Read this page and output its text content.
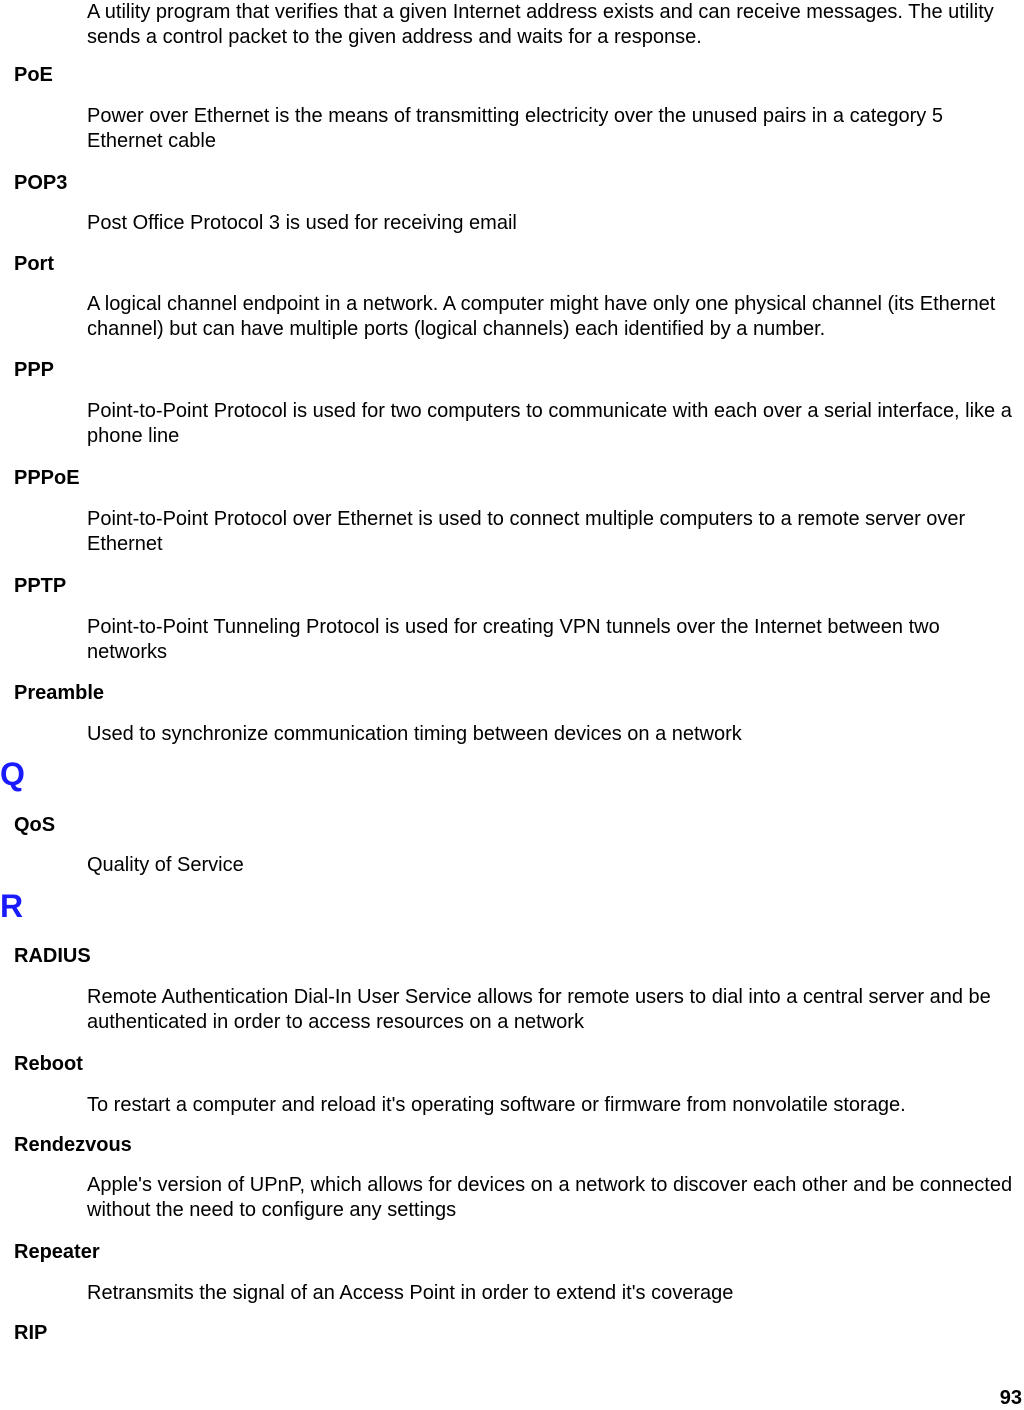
A utility program that verifies that a given Internet address exists and can receive messages. The utility sends a control packet to the given address and waits for a response.
PoE
Power over Ethernet is the means of transmitting electricity over the unused pairs in a category 5 Ethernet cable
POP3
Post Office Protocol 3 is used for receiving email
Port
A logical channel endpoint in a network. A computer might have only one physical channel (its Ethernet channel) but can have multiple ports (logical channels) each identified by a number.
PPP
Point-to-Point Protocol is used for two computers to communicate with each over a serial interface, like a phone line
PPPoE
Point-to-Point Protocol over Ethernet is used to connect multiple computers to a remote server over Ethernet
PPTP
Point-to-Point Tunneling Protocol is used for creating VPN tunnels over the Internet between two networks
Preamble
Used to synchronize communication timing between devices on a network
Q
QoS
Quality of Service
R
RADIUS
Remote Authentication Dial-In User Service allows for remote users to dial into a central server and be authenticated in order to access resources on a network
Reboot
To restart a computer and reload it's operating software or firmware from nonvolatile storage.
Rendezvous
Apple's version of UPnP, which allows for devices on a network to discover each other and be connected without the need to configure any settings
Repeater
Retransmits the signal of an Access Point in order to extend it's coverage
RIP
93
